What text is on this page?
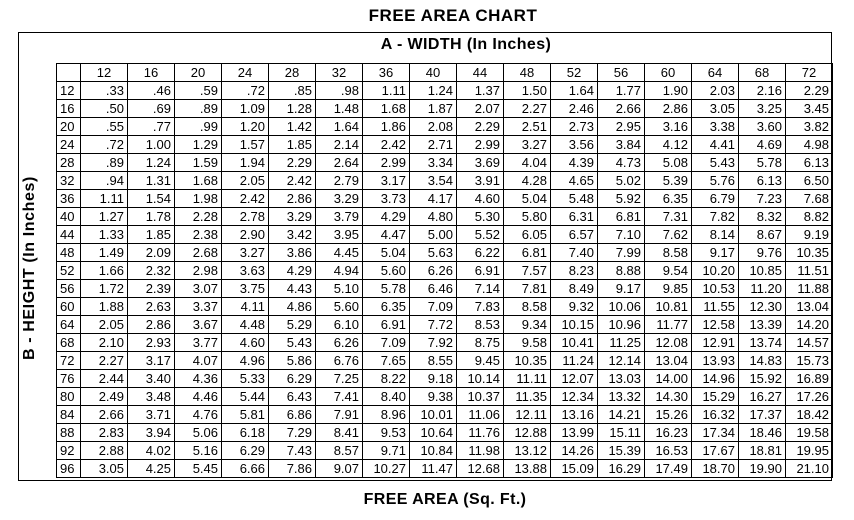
FREE AREA CHART
A - WIDTH (In Inches)
B - HEIGHT (In Inches)
	12	16	20	24	28	32	36	40	44	48	52	56	60	64	68	72
12	.33	.46	.59	.72	.85	.98	1.11	1.24	1.37	1.50	1.64	1.77	1.90	2.03	2.16	2.29
16	.50	.69	.89	1.09	1.28	1.48	1.68	1.87	2.07	2.27	2.46	2.66	2.86	3.05	3.25	3.45
20	.55	.77	.99	1.20	1.42	1.64	1.86	2.08	2.29	2.51	2.73	2.95	3.16	3.38	3.60	3.82
24	.72	1.00	1.29	1.57	1.85	2.14	2.42	2.71	2.99	3.27	3.56	3.84	4.12	4.41	4.69	4.98
28	.89	1.24	1.59	1.94	2.29	2.64	2.99	3.34	3.69	4.04	4.39	4.73	5.08	5.43	5.78	6.13
32	.94	1.31	1.68	2.05	2.42	2.79	3.17	3.54	3.91	4.28	4.65	5.02	5.39	5.76	6.13	6.50
36	1.11	1.54	1.98	2.42	2.86	3.29	3.73	4.17	4.60	5.04	5.48	5.92	6.35	6.79	7.23	7.68
40	1.27	1.78	2.28	2.78	3.29	3.79	4.29	4.80	5.30	5.80	6.31	6.81	7.31	7.82	8.32	8.82
44	1.33	1.85	2.38	2.90	3.42	3.95	4.47	5.00	5.52	6.05	6.57	7.10	7.62	8.14	8.67	9.19
48	1.49	2.09	2.68	3.27	3.86	4.45	5.04	5.63	6.22	6.81	7.40	7.99	8.58	9.17	9.76	10.35
52	1.66	2.32	2.98	3.63	4.29	4.94	5.60	6.26	6.91	7.57	8.23	8.88	9.54	10.20	10.85	11.51
56	1.72	2.39	3.07	3.75	4.43	5.10	5.78	6.46	7.14	7.81	8.49	9.17	9.85	10.53	11.20	11.88
60	1.88	2.63	3.37	4.11	4.86	5.60	6.35	7.09	7.83	8.58	9.32	10.06	10.81	11.55	12.30	13.04
64	2.05	2.86	3.67	4.48	5.29	6.10	6.91	7.72	8.53	9.34	10.15	10.96	11.77	12.58	13.39	14.20
68	2.10	2.93	3.77	4.60	5.43	6.26	7.09	7.92	8.75	9.58	10.41	11.25	12.08	12.91	13.74	14.57
72	2.27	3.17	4.07	4.96	5.86	6.76	7.65	8.55	9.45	10.35	11.24	12.14	13.04	13.93	14.83	15.73
76	2.44	3.40	4.36	5.33	6.29	7.25	8.22	9.18	10.14	11.11	12.07	13.03	14.00	14.96	15.92	16.89
80	2.49	3.48	4.46	5.44	6.43	7.41	8.40	9.38	10.37	11.35	12.34	13.32	14.30	15.29	16.27	17.26
84	2.66	3.71	4.76	5.81	6.86	7.91	8.96	10.01	11.06	12.11	13.16	14.21	15.26	16.32	17.37	18.42
88	2.83	3.94	5.06	6.18	7.29	8.41	9.53	10.64	11.76	12.88	13.99	15.11	16.23	17.34	18.46	19.58
92	2.88	4.02	5.16	6.29	7.43	8.57	9.71	10.84	11.98	13.12	14.26	15.39	16.53	17.67	18.81	19.95
96	3.05	4.25	5.45	6.66	7.86	9.07	10.27	11.47	12.68	13.88	15.09	16.29	17.49	18.70	19.90	21.10
FREE AREA (Sq. Ft.)
